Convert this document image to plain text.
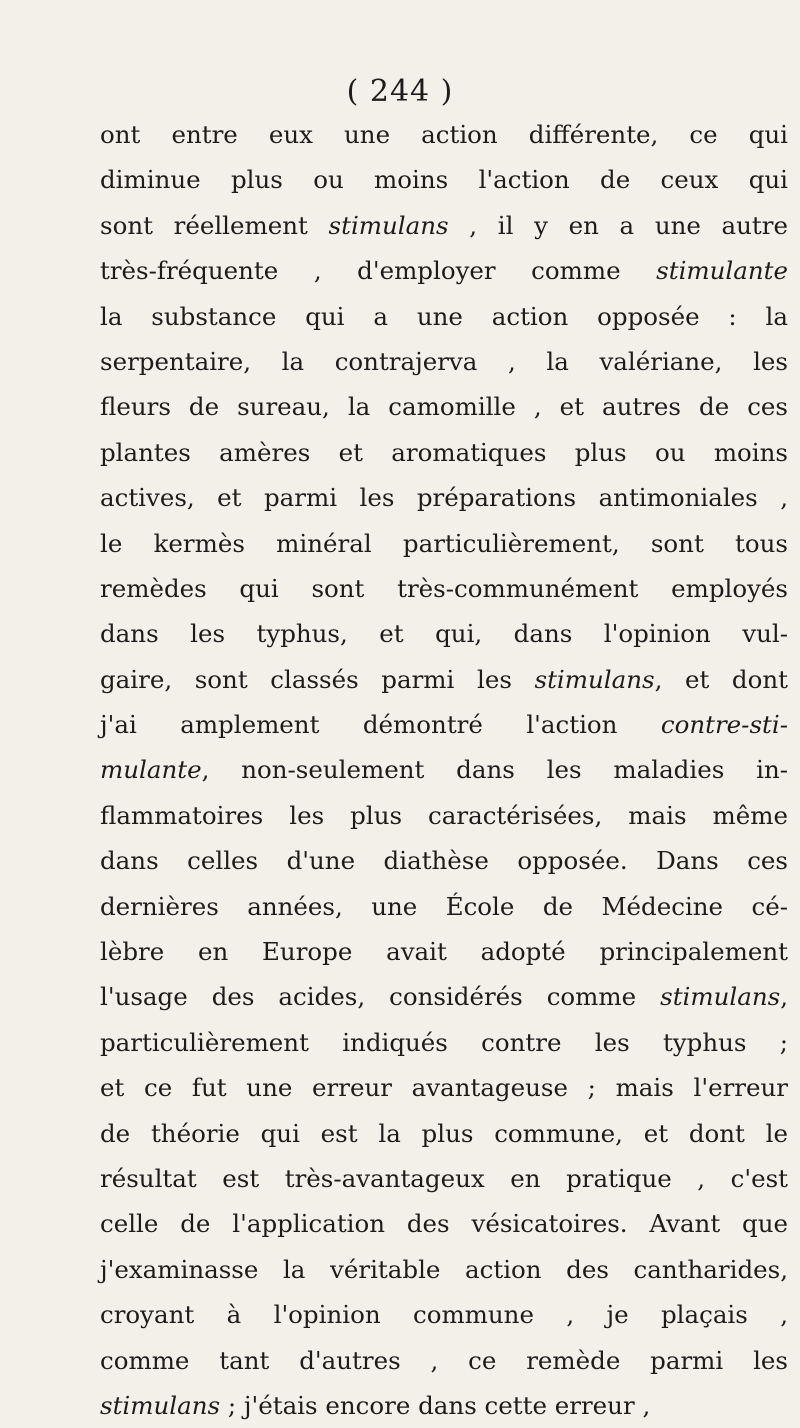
( 244 )
ont entre eux une action différente, ce qui
diminue plus ou moins l'action de ceux qui
sont réellement stimulans , il y en a une autre
très-fréquente , d'employer comme stimulante
la substance qui a une action opposée : la
serpentaire, la contrajerva , la valériane, les
fleurs de sureau, la camomille , et autres de ces
plantes amères et aromatiques plus ou moins
actives, et parmi les préparations antimoniales ,
le kermès minéral particulièrement, sont tous
remèdes qui sont très-communément employés
dans les typhus, et qui, dans l'opinion vul-
gaire, sont classés parmi les stimulans, et dont
j'ai amplement démontré l'action contre-sti-
mulante, non-seulement dans les maladies in-
flammatoires les plus caractérisées, mais même
dans celles d'une diathèse opposée. Dans ces
dernières années, une École de Médecine cé-
lèbre en Europe avait adopté principalement
l'usage des acides, considérés comme stimulans,
particulièrement indiqués contre les typhus ;
et ce fut une erreur avantageuse ; mais l'erreur
de théorie qui est la plus commune, et dont le
résultat est très-avantageux en pratique , c'est
celle de l'application des vésicatoires. Avant que
j'examinasse la véritable action des cantharides,
croyant à l'opinion commune , je plaçais ,
comme tant d'autres , ce remède parmi les
stimulans ; j'étais encore dans cette erreur ,
